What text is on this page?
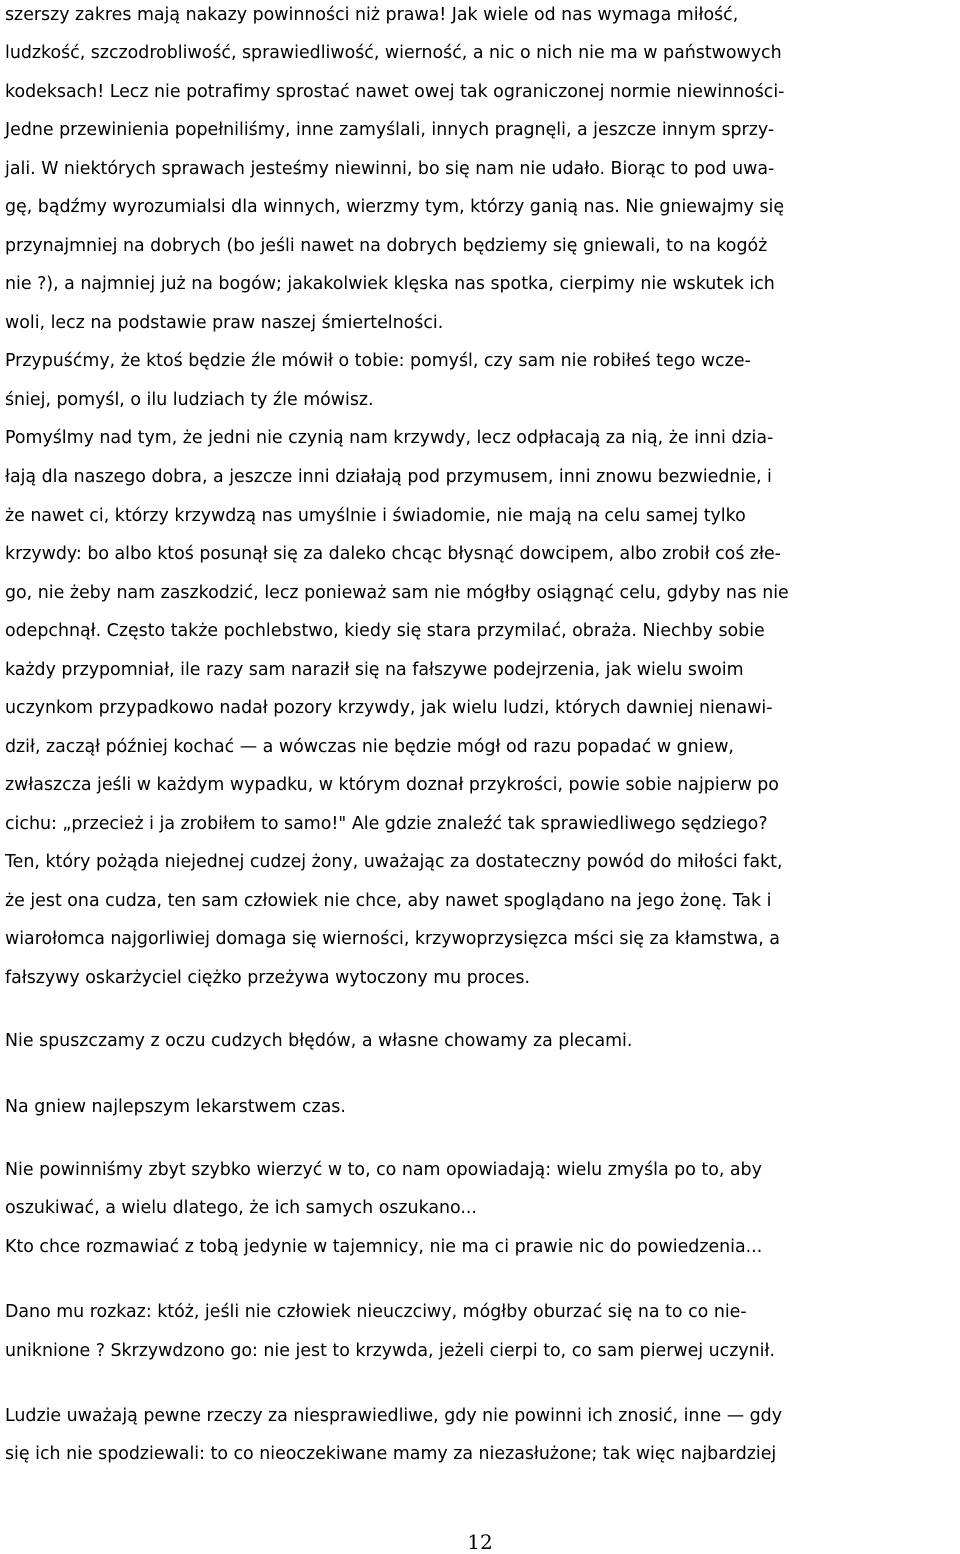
szerszy zakres mają nakazy powinności niż prawa! Jak wiele od nas wymaga miłość,
ludzkość, szczodrobliwość, sprawiedliwość, wierność, a nic o nich nie ma w państwowych
kodeksach! Lecz nie potrafimy sprostać nawet owej tak ograniczonej normie niewinności-
Jedne przewinienia popełniliśmy, inne zamyślali, innych pragnęli, a jeszcze innym sprzy-
jali. W niektórych sprawach jesteśmy niewinni, bo się nam nie udało. Biorąc to pod uwa-
gę, bądźmy wyrozumialsi dla winnych, wierzmy tym, którzy ganią nas. Nie gniewajmy się
przynajmniej na dobrych (bo jeśli nawet na dobrych będziemy się gniewali, to na kogóż
nie ?), a najmniej już na bogów; jakakolwiek klęska nas spotka, cierpimy nie wskutek ich
woli, lecz na podstawie praw naszej śmiertelności.
Przypuśćmy, że ktoś będzie źle mówił o tobie: pomyśl, czy sam nie robiłeś tego wcze-
śniej, pomyśl, o ilu ludziach ty źle mówisz.
Pomyślmy nad tym, że jedni nie czynią nam krzywdy, lecz odpłacają za nią, że inni dzia-
łają dla naszego dobra, a jeszcze inni działają pod przymusem, inni znowu bezwiednie, i
że nawet ci, którzy krzywdzą nas umyślnie i świadomie, nie mają na celu samej tylko
krzywdy: bo albo ktoś posunął się za daleko chcąc błysnąć dowcipem, albo zrobił coś złe-
go, nie żeby nam zaszkodzić, lecz ponieważ sam nie mógłby osiągnąć celu, gdyby nas nie
odepchnął. Często także pochlebstwo, kiedy się stara przymilać, obraża. Niechby sobie
każdy przypomniał, ile razy sam naraził się na fałszywe podejrzenia, jak wielu swoim
uczynkom przypadkowo nadał pozory krzywdy, jak wielu ludzi, których dawniej nienawi-
dził, zaczął później kochać — a wówczas nie będzie mógł od razu popadać w gniew,
zwłaszcza jeśli w każdym wypadku, w którym doznał przykrości, powie sobie najpierw po
cichu: „przecież i ja zrobiłem to samo!" Ale gdzie znaleźć tak sprawiedliwego sędziego?
Ten, który pożąda niejednej cudzej żony, uważając za dostateczny powód do miłości fakt,
że jest ona cudza, ten sam człowiek nie chce, aby nawet spoglądano na jego żonę. Tak i
wiarołomca najgorliwiej domaga się wierności, krzywoprzysięzca mści się za kłamstwa, a
fałszywy oskarżyciel ciężko przeżywa wytoczony mu proces.
Nie spuszczamy z oczu cudzych błędów, a własne chowamy za plecami.
Na gniew najlepszym lekarstwem czas.
Nie powinniśmy zbyt szybko wierzyć w to, co nam opowiadają: wielu zmyśla po to, aby
oszukiwać, a wielu dlatego, że ich samych oszukano...
Kto chce rozmawiać z tobą jedynie w tajemnicy, nie ma ci prawie nic do powiedzenia...
Dano mu rozkaz: któż, jeśli nie człowiek nieuczciwy, mógłby oburzać się na to co nie-
uniknione ? Skrzywdzono go: nie jest to krzywda, jeżeli cierpi to, co sam pierwej uczynił.
Ludzie uważają pewne rzeczy za niesprawiedliwe, gdy nie powinni ich znosić, inne — gdy
się ich nie spodziewali: to co nieoczekiwane mamy za niezasłużone; tak więc najbardziej
12
